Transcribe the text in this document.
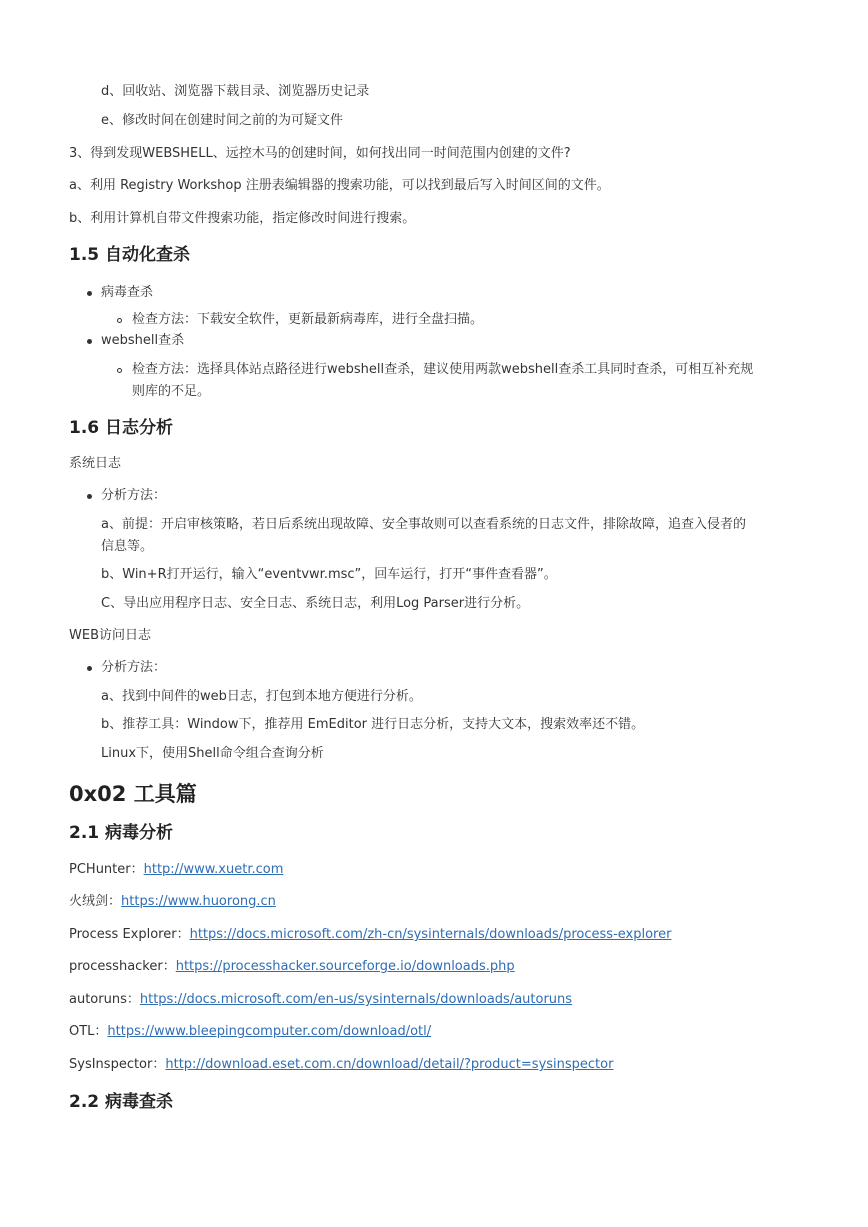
d、回收站、浏览器下载目录、浏览器历史记录
e、修改时间在创建时间之前的为可疑文件
3、得到发现WEBSHELL、远控木马的创建时间，如何找出同一时间范围内创建的文件?
a、利用 Registry Workshop 注册表编辑器的搜索功能，可以找到最后写入时间区间的文件。
b、利用计算机自带文件搜索功能，指定修改时间进行搜索。
1.5 自动化查杀
病毒查杀
检查方法：下载安全软件，更新最新病毒库，进行全盘扫描。
webshell查杀
检查方法：选择具体站点路径进行webshell查杀，建议使用两款webshell查杀工具同时查杀，可相互补充规
则库的不足。
1.6 日志分析
系统日志
分析方法：
a、前提：开启审核策略，若日后系统出现故障、安全事故则可以查看系统的日志文件，排除故障，追查入侵者的
信息等。
b、Win+R打开运行，输入“eventvwr.msc”，回车运行，打开“事件查看器”。
C、导出应用程序日志、安全日志、系统日志，利用Log Parser进行分析。
WEB访问日志
分析方法：
a、找到中间件的web日志，打包到本地方便进行分析。
b、推荐工具：Window下，推荐用 EmEditor 进行日志分析，支持大文本，搜索效率还不错。
Linux下，使用Shell命令组合查询分析
0x02 工具篇
2.1 病毒分析
PCHunter：http://www.xuetr.com
火绒剑：https://www.huorong.cn
Process Explorer：https://docs.microsoft.com/zh-cn/sysinternals/downloads/process-explorer
processhacker：https://processhacker.sourceforge.io/downloads.php
autoruns：https://docs.microsoft.com/en-us/sysinternals/downloads/autoruns
OTL：https://www.bleepingcomputer.com/download/otl/
SysInspector：http://download.eset.com.cn/download/detail/?product=sysinspector
2.2 病毒查杀
